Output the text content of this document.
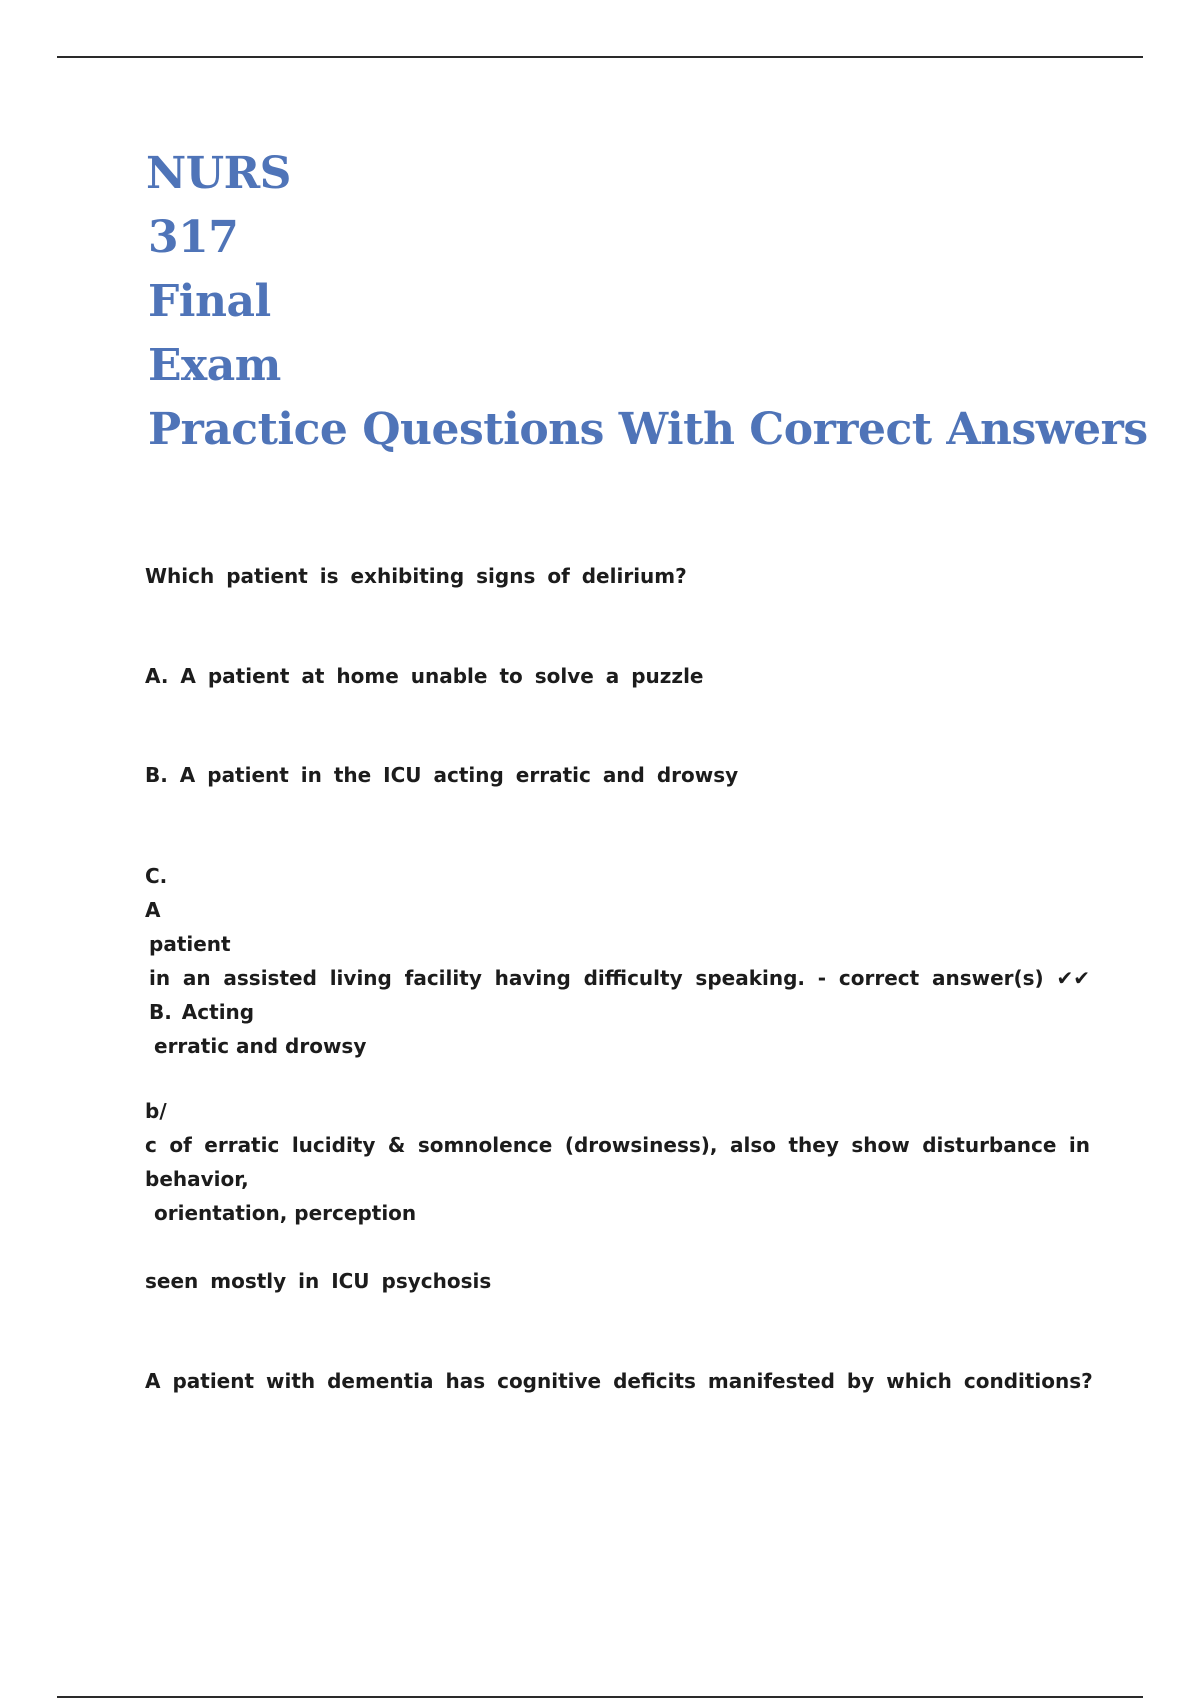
NURS
317
Final
Exam
Practice Questions With Correct Answers

Which patient is exhibiting signs of delirium?

A. A patient at home unable to solve a puzzle

B. A patient in the ICU acting erratic and drowsy

C.
A
patient
in an assisted living facility having difficulty speaking. - correct answer(s) ✔✔ B. Acting
erratic and drowsy
b/
c of erratic lucidity & somnolence (drowsiness), also they show disturbance in behavior,
orientation, perception

seen mostly in ICU psychosis

A patient with dementia has cognitive deficits manifested by which conditions?
